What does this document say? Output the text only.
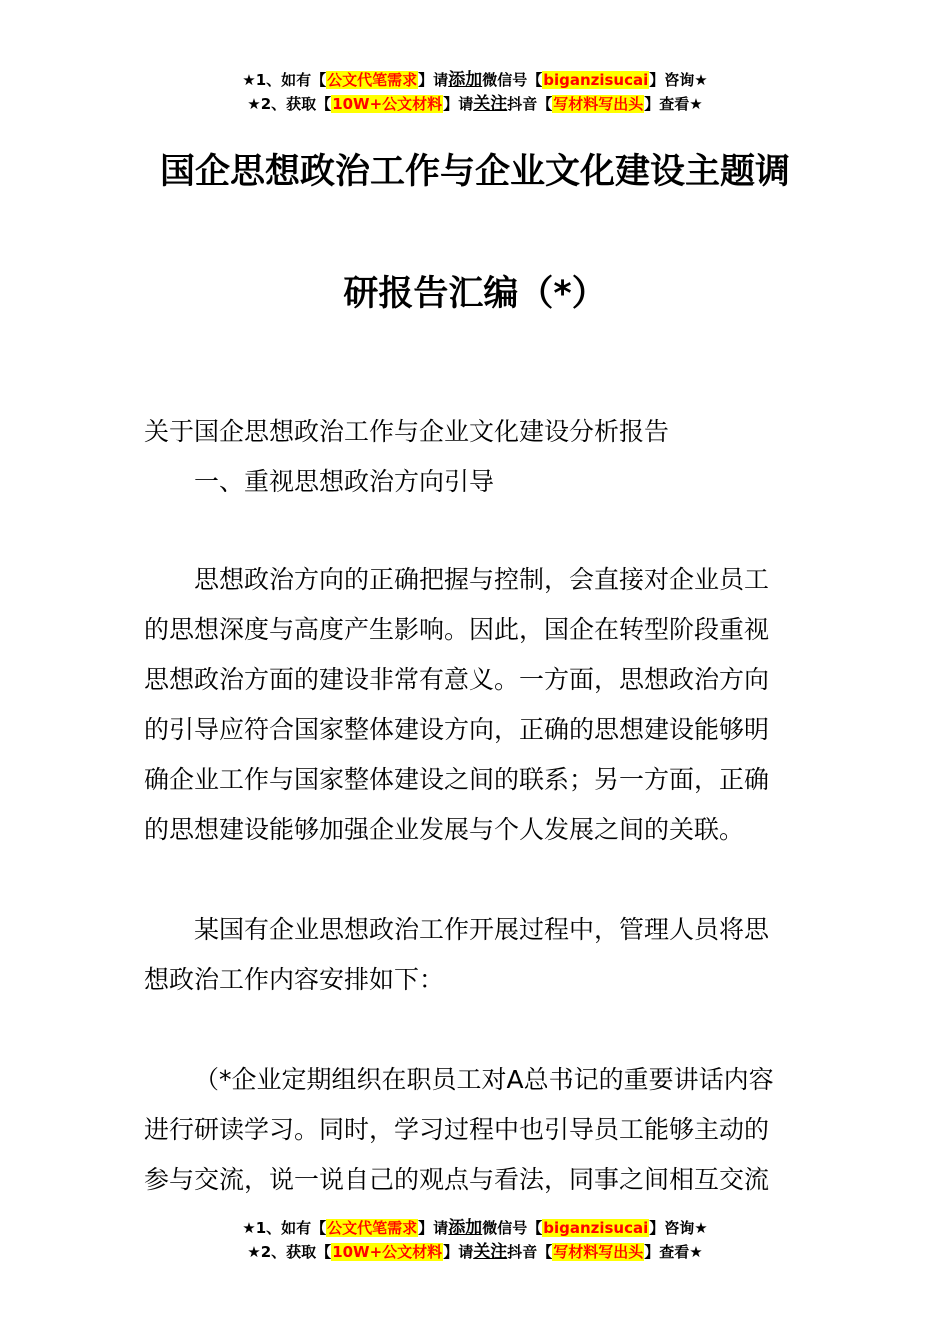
★1、如有【公文代笔需求】请添加微信号【biganzisucai】咨询★
★2、获取【10W+公文材料】请关注抖音【写材料写出头】查看★
国企思想政治工作与企业文化建设主题调
研报告汇编（*）
关于国企思想政治工作与企业文化建设分析报告
一、重视思想政治方向引导
思想政治方向的正确把握与控制，会直接对企业员工
的思想深度与高度产生影响。因此，国企在转型阶段重视
思想政治方面的建设非常有意义。一方面，思想政治方向
的引导应符合国家整体建设方向，正确的思想建设能够明
确企业工作与国家整体建设之间的联系；另一方面，正确
的思想建设能够加强企业发展与个人发展之间的关联。
某国有企业思想政治工作开展过程中，管理人员将思
想政治工作内容安排如下：
（*企业定期组织在职员工对A总书记的重要讲话内容
进行研读学习。同时，学习过程中也引导员工能够主动的
参与交流，说一说自己的观点与看法，同事之间相互交流
★1、如有【公文代笔需求】请添加微信号【biganzisucai】咨询★
★2、获取【10W+公文材料】请关注抖音【写材料写出头】查看★
